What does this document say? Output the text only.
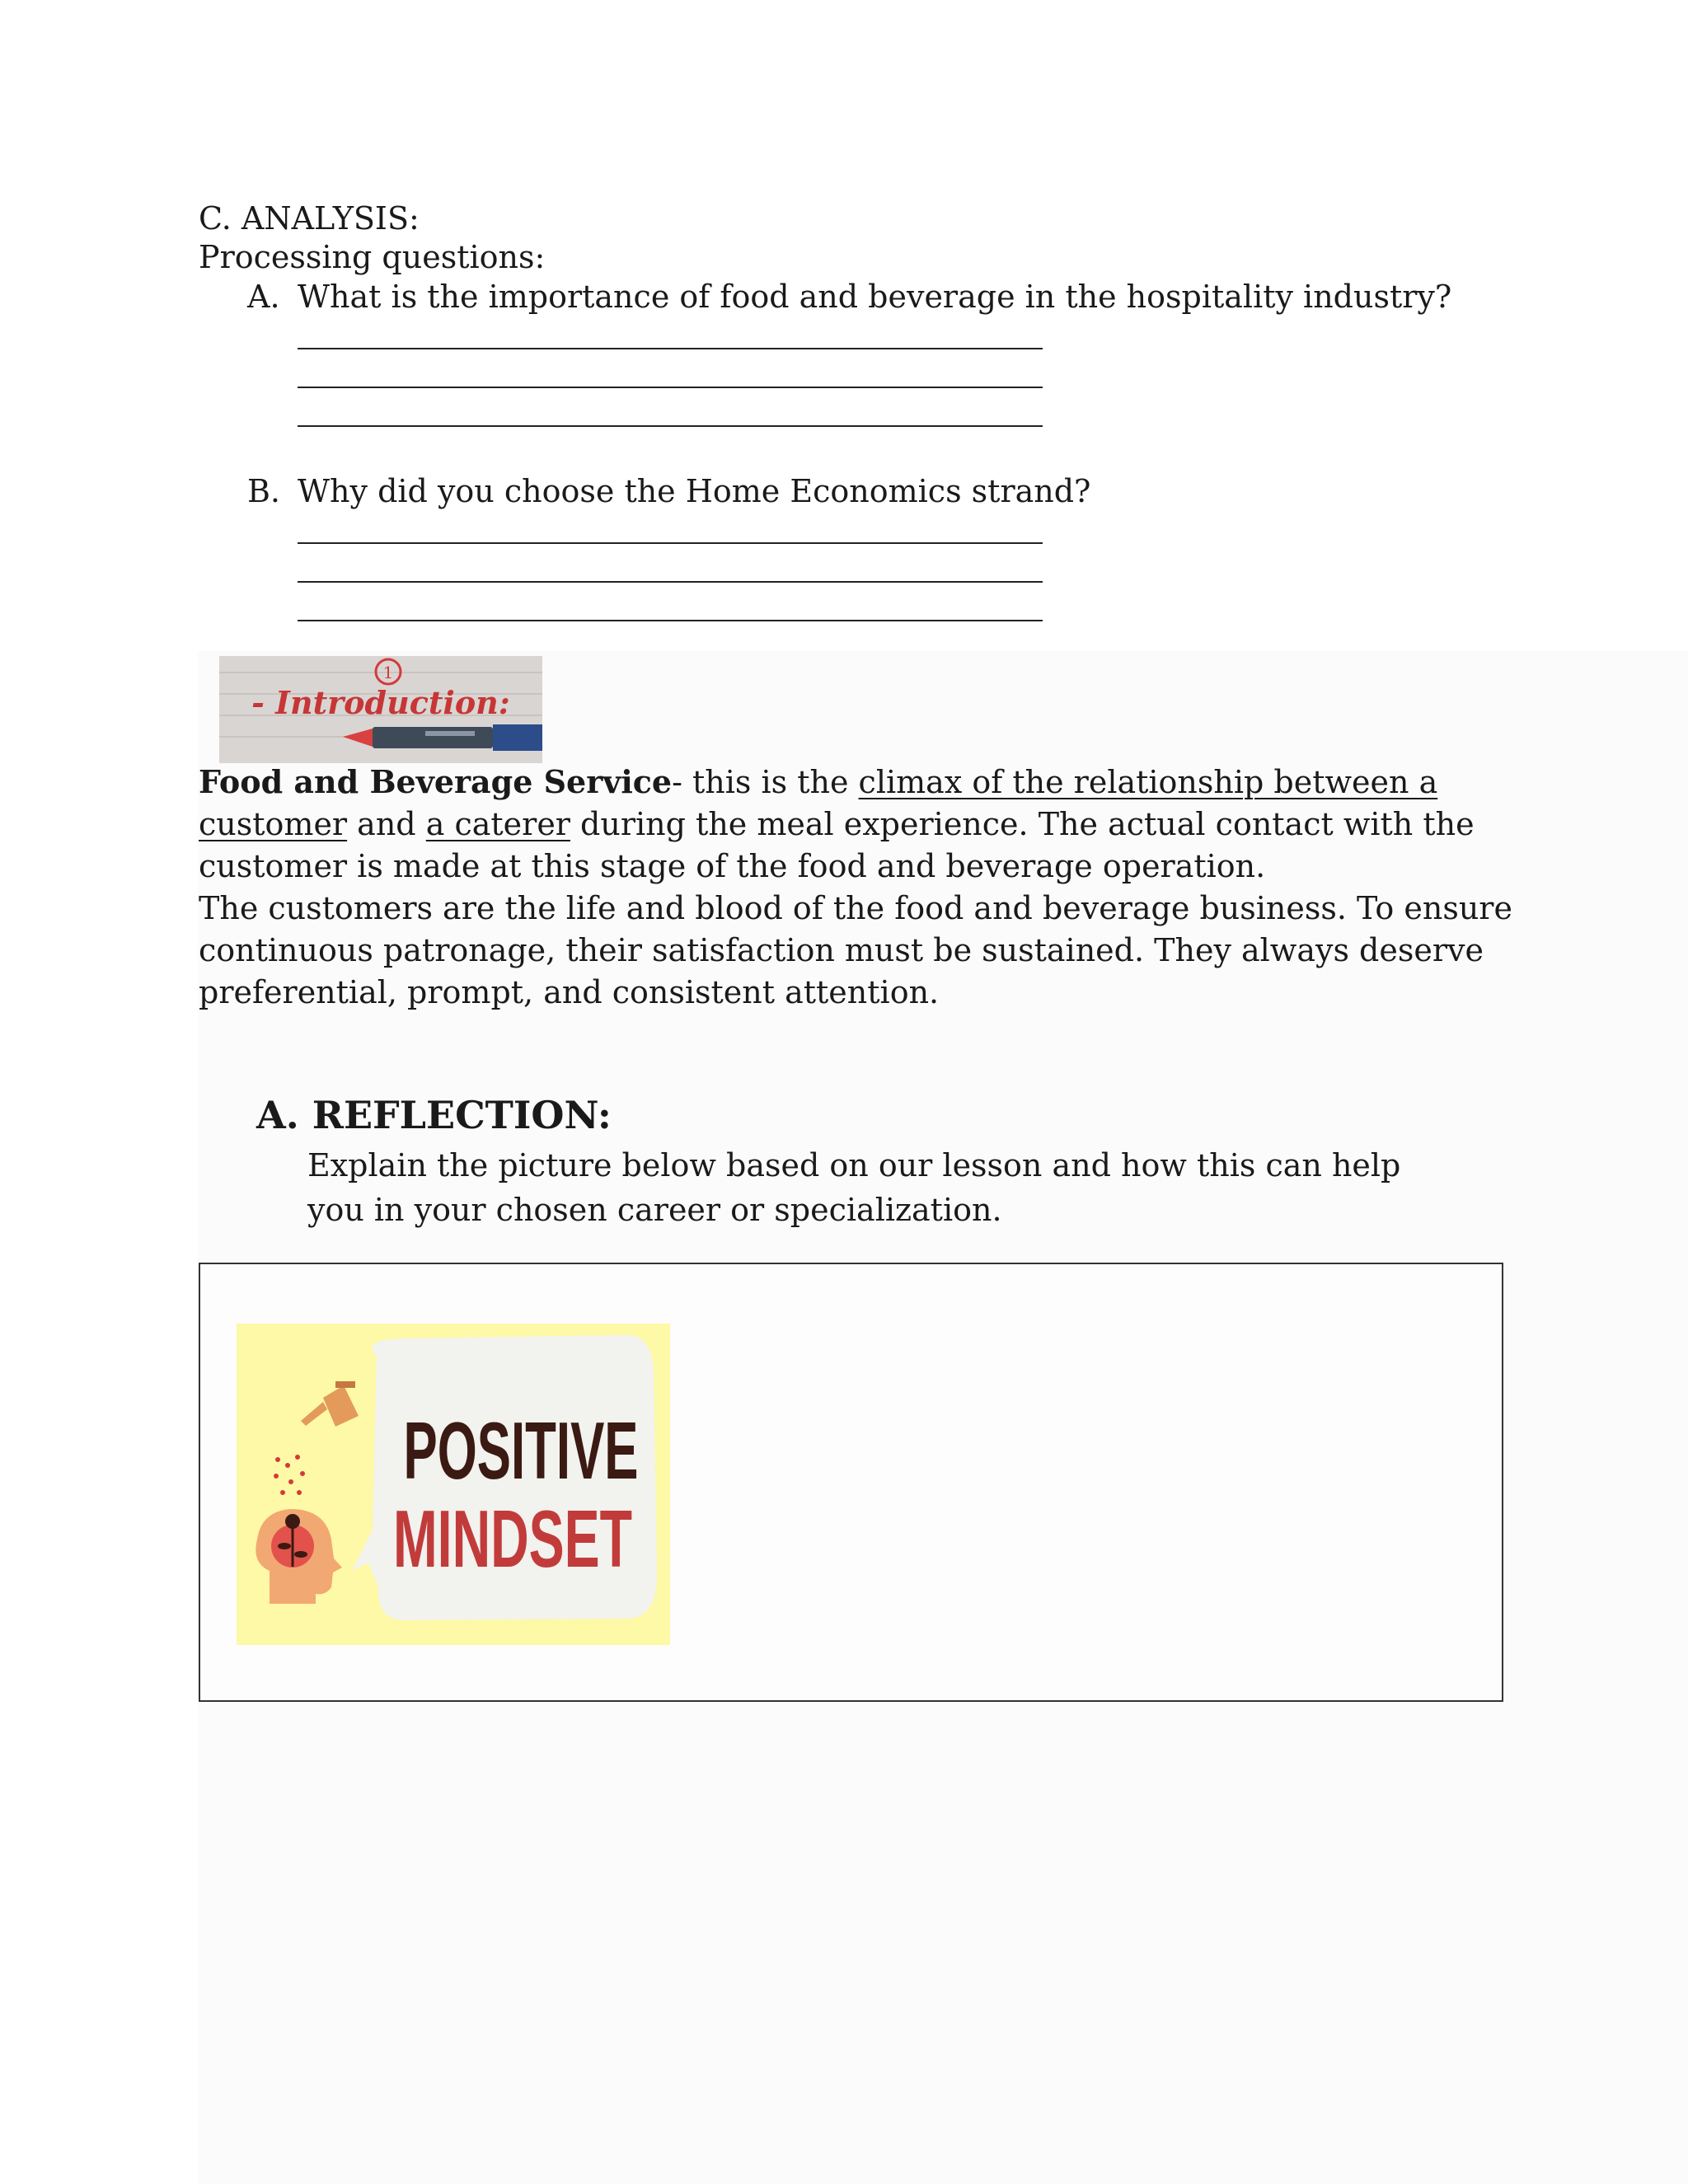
C. ANALYSIS:
Processing questions:
A. What is the importance of food and beverage in the hospitality industry?
B. Why did you choose the Home Economics strand?
1
- Introduction:

Food and Beverage Service- this is the climax of the relationship between a customer and a caterer during the meal experience. The actual contact with the customer is made at this stage of the food and beverage operation.

The customers are the life and blood of the food and beverage business. To ensure continuous patronage, their satisfaction must be sustained. They always deserve preferential, prompt, and consistent attention.

A. REFLECTION:
Explain the picture below based on our lesson and how this can help
you in your chosen career or specialization.
POSITIVE
MINDSET
